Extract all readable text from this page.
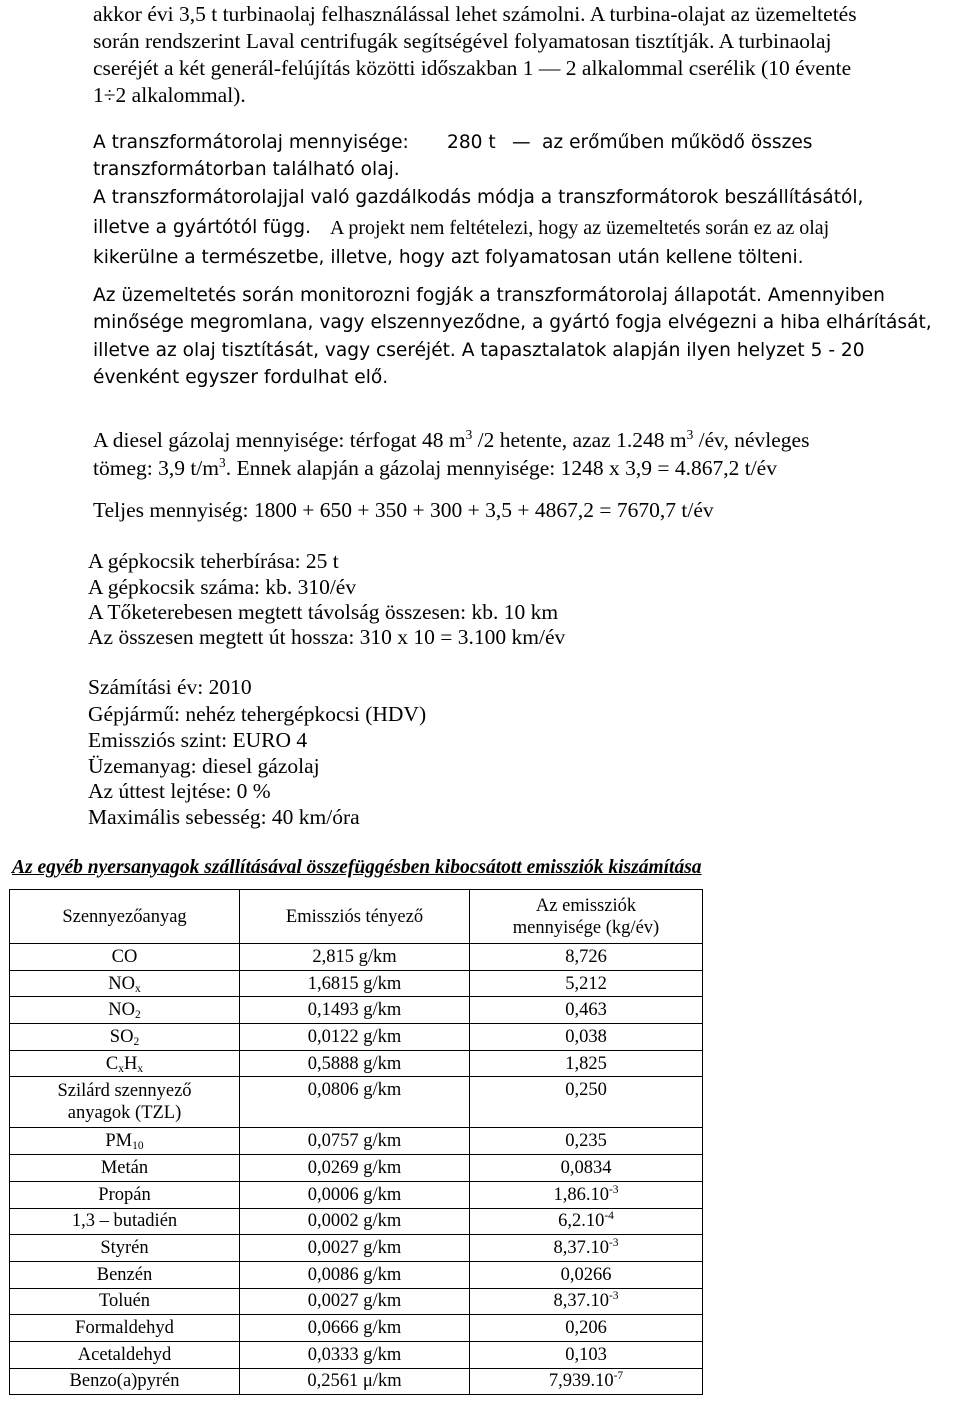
akkor évi 3,5 t turbinaolaj felhasználással lehet számolni. A turbina-olajat az üzemeltetés
során rendszerint Laval centrifugák segítségével folyamatosan tisztítják. A turbinaolaj
cseréjét a két generál-felújítás közötti időszakban 1 — 2 alkalommal cserélik (10 évente
1÷2 alkalommal).
A transzformátorolaj mennyisége: 280 t — az erőműben működő összes
transzformátorban található olaj.
A transzformátorolajjal való gazdálkodás módja a transzformátorok beszállításától,
illetve a gyártótól függ. A projekt nem feltételezi, hogy az üzemeltetés során ez az olaj
kikerülne a természetbe, illetve, hogy azt folyamatosan után kellene tölteni.
Az üzemeltetés során monitorozni fogják a transzformátorolaj állapotát. Amennyiben
minősége megromlana, vagy elszennyeződne, a gyártó fogja elvégezni a hiba elhárítását,
illetve az olaj tisztítását, vagy cseréjét. A tapasztalatok alapján ilyen helyzet 5 - 20
évenként egyszer fordulhat elő.
A diesel gázolaj mennyisége: térfogat 48 $m^3$ /2 hetente, azaz 1.248 $m^3$ /év, névleges
tömeg: 3,9 $t/m^3$. Ennek alapján a gázolaj mennyisége: 1248 x 3,9 = 4.867,2 t/év
Teljes mennyiség: 1800 + 650 + 350 + 300 + 3,5 + 4867,2 = 7670,7 t/év
A gépkocsik teherbírása: 25 t
A gépkocsik száma: kb. 310/év
A Tőketerebesen megtett távolság összesen: kb. 10 km
Az összesen megtett út hossza: 310 x 10 = 3.100 km/év
Számítási év: 2010
Gépjármű: nehéz tehergépkocsi (HDV)
Emissziós szint: EURO 4
Üzemanyag: diesel gázolaj
Az úttest lejtése: 0 %
Maximális sebesség: 40 km/óra
Az egyéb nyersanyagok szállításával összefüggésben kibocsátott emissziók kiszámítása
Szennyezőanyag	Emissziós tényező	Az emissziók
mennyisége (kg/év)
CO	2,815 g/km	8,726
$NO_x$	1,6815 g/km	5,212
$NO_2$	0,1493 g/km	0,463
$SO_2$	0,0122 g/km	0,038
$C_xH_x$	0,5888 g/km	1,825
Szilárd szennyező
anyagok (TZL)	0,0806 g/km	0,250
$PM_{10}$	0,0757 g/km	0,235
Metán	0,0269 g/km	0,0834
Propán	0,0006 g/km	$1,86.10^{-3}$
1,3 – butadién	0,0002 g/km	$6,2.10^{-4}$
Styrén	0,0027 g/km	$8,37.10^{-3}$
Benzén	0,0086 g/km	0,0266
Toluén	0,0027 g/km	$8,37.10^{-3}$
Formaldehyd	0,0666 g/km	0,206
Acetaldehyd	0,0333 g/km	0,103
Benzo(a)pyrén	0,2561 μ/km	$7,939.10^{-7}$
